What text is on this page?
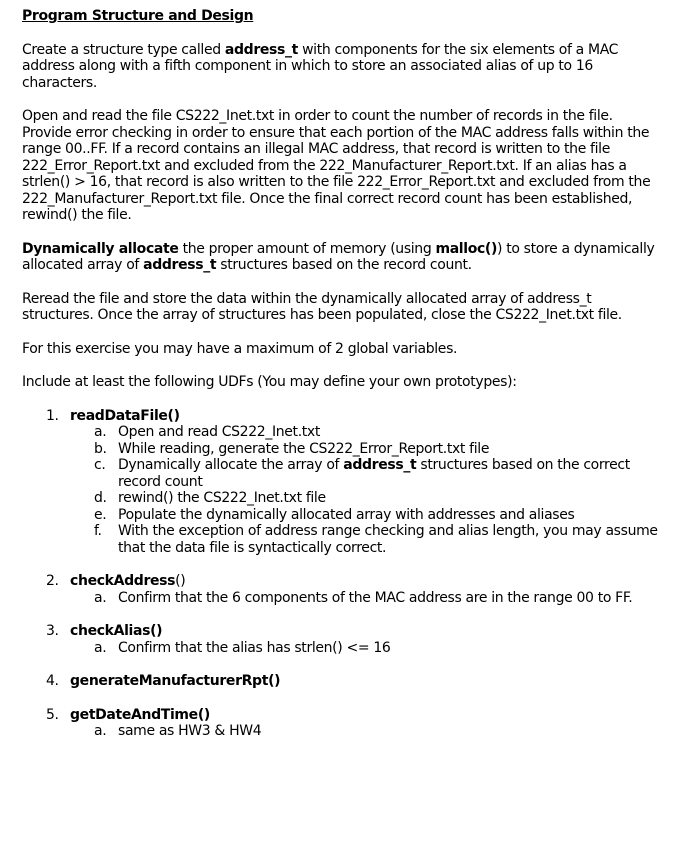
Program Structure and Design

Create a structure type called address_t with components for the six elements of a MAC address along with a fifth component in which to store an associated alias of up to 16 characters.

Open and read the file CS222_Inet.txt in order to count the number of records in the file. Provide error checking in order to ensure that each portion of the MAC address falls within the range 00..FF. If a record contains an illegal MAC address, that record is written to the file 222_Error_Report.txt and excluded from the 222_Manufacturer_Report.txt. If an alias has a strlen() > 16, that record is also written to the file 222_Error_Report.txt and excluded from the 222_Manufacturer_Report.txt file. Once the final correct record count has been established, rewind() the file.

Dynamically allocate the proper amount of memory (using malloc()) to store a dynamically allocated array of address_t structures based on the record count.

Reread the file and store the data within the dynamically allocated array of address_t structures. Once the array of structures has been populated, close the CS222_Inet.txt file.

For this exercise you may have a maximum of 2 global variables.

Include at least the following UDFs (You may define your own prototypes):

1. readDataFile()
a. Open and read CS222_Inet.txt
b. While reading, generate the CS222_Error_Report.txt file
c. Dynamically allocate the array of address_t structures based on the correct record count
d. rewind() the CS222_Inet.txt file
e. Populate the dynamically allocated array with addresses and aliases
f. With the exception of address range checking and alias length, you may assume that the data file is syntactically correct.
2. checkAddress()
a. Confirm that the 6 components of the MAC address are in the range 00 to FF.
3. checkAlias()
a. Confirm that the alias has strlen() <= 16
4. generateManufacturerRpt()
5. getDateAndTime()
a. same as HW3 & HW4
